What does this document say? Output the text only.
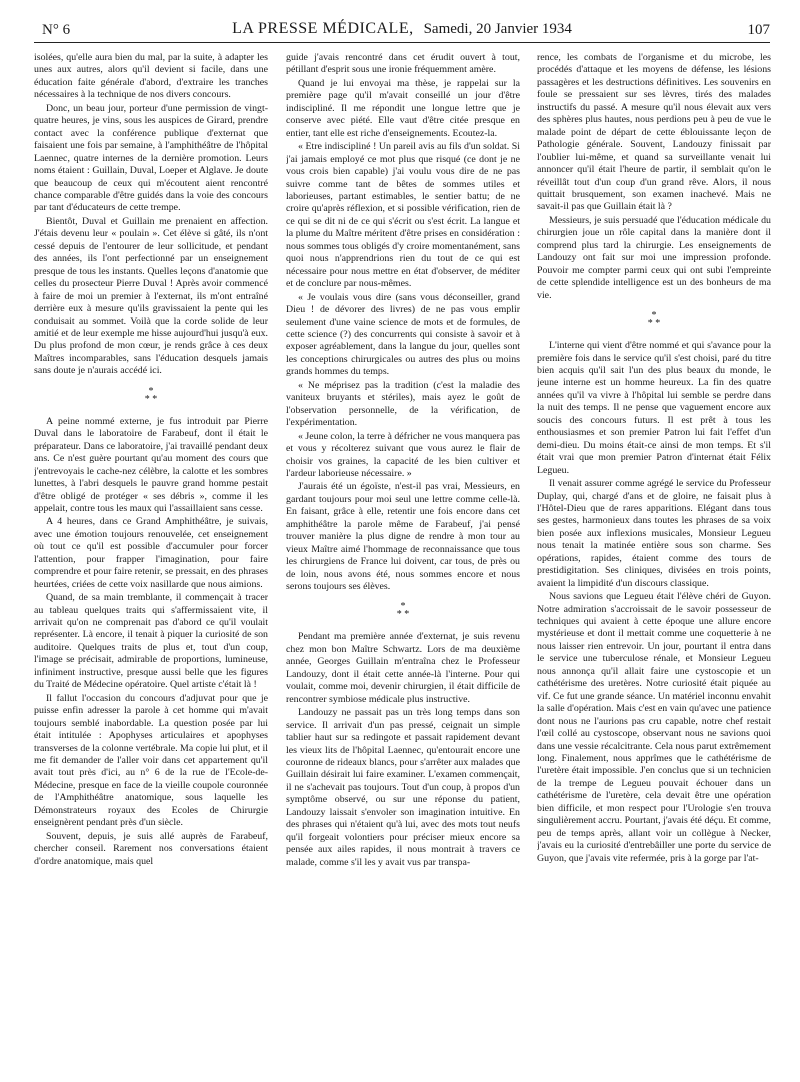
N° 6	LA PRESSE MÉDICALE, Samedi, 20 Janvier 1934	107

isolées, qu'elle aura bien du mal, par la suite, à adapter les unes aux autres, alors qu'il devient si facile, dans une éducation faite générale d'abord, d'extraire les tranches nécessaires à la technique de nos divers concours.

Donc, un beau jour, porteur d'une permission de vingt-quatre heures, je vins, sous les auspices de Girard, prendre contact avec la conférence publique d'externat que faisaient une fois par semaine, à l'amphithéâtre de l'hôpital Laennec, quatre internes de la dernière promotion. Leurs noms étaient : Guillain, Duval, Loeper et Alglave. Je doute que beaucoup de ceux qui m'écoutent aient rencontré chance comparable d'être guidés dans la voie des concours par tant d'éducateurs de cette trempe.

Bientôt, Duval et Guillain me prenaient en affection. J'étais devenu leur « poulain ». Cet élève si gâté, ils n'ont cessé depuis de l'entourer de leur sollicitude, et pendant des années, ils l'ont perfectionné par un enseignement presque de tous les instants. Quelles leçons d'anatomie que celles du prosecteur Pierre Duval ! Après avoir commencé à faire de moi un premier à l'externat, ils m'ont entraîné derrière eux à mesure qu'ils gravissaient la pente qui les conduisait au sommet. Voilà que la corde solide de leur amitié et de leur exemple me hisse aujourd'hui jusqu'à eux. Du plus profond de mon cœur, je rends grâce à ces deux Maîtres incomparables, sans l'éducation desquels jamais sans doute je n'aurais accédé ici.

*
* *

A peine nommé externe, je fus introduit par Pierre Duval dans le laboratoire de Farabeuf, dont il était le préparateur. Dans ce laboratoire, j'ai travaillé pendant deux ans. Ce n'est guère pourtant qu'au moment des cours que j'entrevoyais le cache-nez célèbre, la calotte et les sombres lunettes, à l'abri desquels le pauvre grand homme pestait d'être obligé de protéger « ses débris », comme il les appelait, contre tous les maux qui l'assaillaient sans cesse.

A 4 heures, dans ce Grand Amphithéâtre, je suivais, avec une émotion toujours renouvelée, cet enseignement où tout ce qu'il est possible d'accumuler pour forcer l'attention, pour frapper l'imagination, pour faire comprendre et pour faire retenir, se pressait, en des phrases heurtées, criées de cette voix nasillarde que nous aimions.

Quand, de sa main tremblante, il commençait à tracer au tableau quelques traits qui s'affermissaient vite, il arrivait qu'on ne comprenait pas d'abord ce qu'il voulait représenter. Là encore, il tenait à piquer la curiosité de son auditoire. Quelques traits de plus et, tout d'un coup, l'image se précisait, admirable de proportions, lumineuse, infiniment instructive, presque aussi belle que les figures du Traité de Médecine opératoire. Quel artiste c'était là !

Il fallut l'occasion du concours d'adjuvat pour que je puisse enfin adresser la parole à cet homme qui m'avait toujours semblé inabordable. La question posée par lui était intitulée : Apophyses articulaires et apophyses transverses de la colonne vertébrale. Ma copie lui plut, et il me fit demander de l'aller voir dans cet appartement qu'il avait tout près d'ici, au n° 6 de la rue de l'Ecole-de-Médecine, presque en face de la vieille coupole couronnée de l'Amphithéâtre anatomique, sous laquelle les Démonstrateurs royaux des Ecoles de Chirurgie enseignèrent pendant près d'un siècle.

Souvent, depuis, je suis allé auprès de Farabeuf, chercher conseil. Rarement nos conversations étaient d'ordre anatomique, mais quel

guide j'avais rencontré dans cet érudit ouvert à tout, pétillant d'esprit sous une ironie fréquemment amère.

Quand je lui envoyai ma thèse, je rappelai sur la première page qu'il m'avait conseillé un jour d'être indiscipliné. Il me répondit une longue lettre que je conserve avec piété. Elle vaut d'être citée presque en entier, tant elle est riche d'enseignements. Ecoutez-la.

« Etre indiscipliné ! Un pareil avis au fils d'un soldat. Si j'ai jamais employé ce mot plus que risqué (ce dont je ne vous crois bien capable) j'ai voulu vous dire de ne pas suivre comme tant de bêtes de sommes utiles et laborieuses, partant estimables, le sentier battu; de ne croire qu'après réflexion, et si possible vérification, rien de ce qui se dit ni de ce qui s'écrit ou s'est écrit. La langue et la plume du Maître méritent d'être prises en considération : nous sommes tous obligés d'y croire momentanément, sans quoi nous n'apprendrions rien du tout de ce qui est nécessaire pour nous mettre en état d'observer, de méditer et de conclure par nous-mêmes.

« Je voulais vous dire (sans vous déconseiller, grand Dieu ! de dévorer des livres) de ne pas vous emplir seulement d'une vaine science de mots et de formules, de cette science (?) des concurrents qui consiste à savoir et à exposer agréablement, dans la langue du jour, quelles sont les conceptions chirurgicales ou autres des plus ou moins grands hommes du temps.

« Ne méprisez pas la tradition (c'est la maladie des vaniteux bruyants et stériles), mais ayez le goût de l'observation personnelle, de la vérification, de l'expérimentation.

« Jeune colon, la terre à défricher ne vous manquera pas et vous y récolterez suivant que vous aurez le flair de choisir vos graines, la capacité de les bien cultiver et l'ardeur laborieuse nécessaire. »

J'aurais été un égoïste, n'est-il pas vrai, Messieurs, en gardant toujours pour moi seul une lettre comme celle-là. En faisant, grâce à elle, retentir une fois encore dans cet amphithéâtre la parole même de Farabeuf, j'ai pensé trouver manière la plus digne de rendre à mon tour au vieux Maître aimé l'hommage de reconnaissance que tous les chirurgiens de France lui doivent, car tous, de près ou de loin, nous avons été, nous sommes encore et nous serons toujours ses élèves.

*
* *

Pendant ma première année d'externat, je suis revenu chez mon bon Maître Schwartz. Lors de ma deuxième année, Georges Guillain m'entraîna chez le Professeur Landouzy, dont il était cette année-là l'interne. Pour qui voulait, comme moi, devenir chirurgien, il était difficile de rencontrer symbiose médicale plus instructive.

Landouzy ne passait pas un très long temps dans son service. Il arrivait d'un pas pressé, ceignait un simple tablier haut sur sa redingote et passait rapidement devant les vieux lits de l'hôpital Laennec, qu'entourait encore une couronne de rideaux blancs, pour s'arrêter aux malades que Guillain désirait lui faire examiner. L'examen commençait, il ne s'achevait pas toujours. Tout d'un coup, à propos d'un symptôme observé, ou sur une réponse du patient, Landouzy laissait s'envoler son imagination intuitive. En des phrases qui n'étaient qu'à lui, avec des mots tout neufs qu'il forgeait volontiers pour préciser mieux encore sa pensée aux ailes rapides, il nous montrait à travers ce malade, comme s'il les y avait vus par transpa-

rence, les combats de l'organisme et du microbe, les procédés d'attaque et les moyens de défense, les lésions passagères et les destructions définitives. Les souvenirs en foule se pressaient sur ses lèvres, tirés des malades instructifs du passé. A mesure qu'il nous élevait aux vers des sphères plus hautes, nous perdions peu à peu de vue le malade point de départ de cette éblouissante leçon de Pathologie générale. Souvent, Landouzy finissait par l'oublier lui-même, et quand sa surveillante venait lui annoncer qu'il était l'heure de partir, il semblait qu'on le réveillât tout d'un coup d'un grand rêve. Alors, il nous quittait brusquement, son examen inachevé. Mais ne savait-il pas que Guillain était là ?

Messieurs, je suis persuadé que l'éducation médicale du chirurgien joue un rôle capital dans la manière dont il comprend plus tard la chirurgie. Les enseignements de Landouzy ont fait sur moi une impression profonde. Pouvoir me compter parmi ceux qui ont subi l'empreinte de cette splendide intelligence est un des bonheurs de ma vie.

*
* *

L'interne qui vient d'être nommé et qui s'avance pour la première fois dans le service qu'il s'est choisi, paré du titre bien acquis qu'il sait l'un des plus beaux du monde, le jeune interne est un homme heureux. La fin des quatre années qu'il va vivre à l'hôpital lui semble se perdre dans la nuit des temps. Il ne pense que vaguement encore aux soucis des concours futurs. Il est prêt à tous les enthousiasmes et son premier Patron lui fait l'effet d'un demi-dieu. Du moins était-ce ainsi de mon temps. Et s'il était vrai que mon premier Patron d'internat était Félix Legueu.

Il venait assurer comme agrégé le service du Professeur Duplay, qui, chargé d'ans et de gloire, ne faisait plus à l'Hôtel-Dieu que de rares apparitions. Elégant dans tous ses gestes, harmonieux dans toutes les phrases de sa voix bien posée aux inflexions musicales, Monsieur Legueu nous tenait la matinée entière sous son charme. Ses opérations, rapides, étaient comme des tours de prestidigitation. Ses cliniques, divisées en trois points, avaient la limpidité d'un discours classique.

Nous savions que Legueu était l'élève chéri de Guyon. Notre admiration s'accroissait de le savoir possesseur de techniques qui avaient à cette époque une allure encore mystérieuse et dont il mettait comme une coquetterie à ne nous laisser rien entrevoir. Un jour, pourtant il entra dans le service une tuberculose rénale, et Monsieur Legueu nous annonça qu'il allait faire une cystoscopie et un cathétérisme des uretères. Notre curiosité était piquée au vif. Ce fut une grande séance. Un matériel inconnu envahit la salle d'opération. Mais c'est en vain qu'avec une patience dont nous ne l'aurions pas cru capable, notre chef restait l'œil collé au cystoscope, observant nous ne savions quoi dans une vessie récalcitrante. Cela nous parut extrêmement long. Finalement, nous apprîmes que le cathétérisme de l'uretère était impossible. J'en conclus que si un technicien de la trempe de Legueu pouvait échouer dans un cathétérisme de l'uretère, cela devait être une opération bien difficile, et mon respect pour l'Urologie s'en trouva singulièrement accru. Pourtant, j'avais été déçu. Et comme, peu de temps après, allant voir un collègue à Necker, j'avais eu la curiosité d'entrebâiller une porte du service de Guyon, que j'avais vite refermée, pris à la gorge par l'at-
